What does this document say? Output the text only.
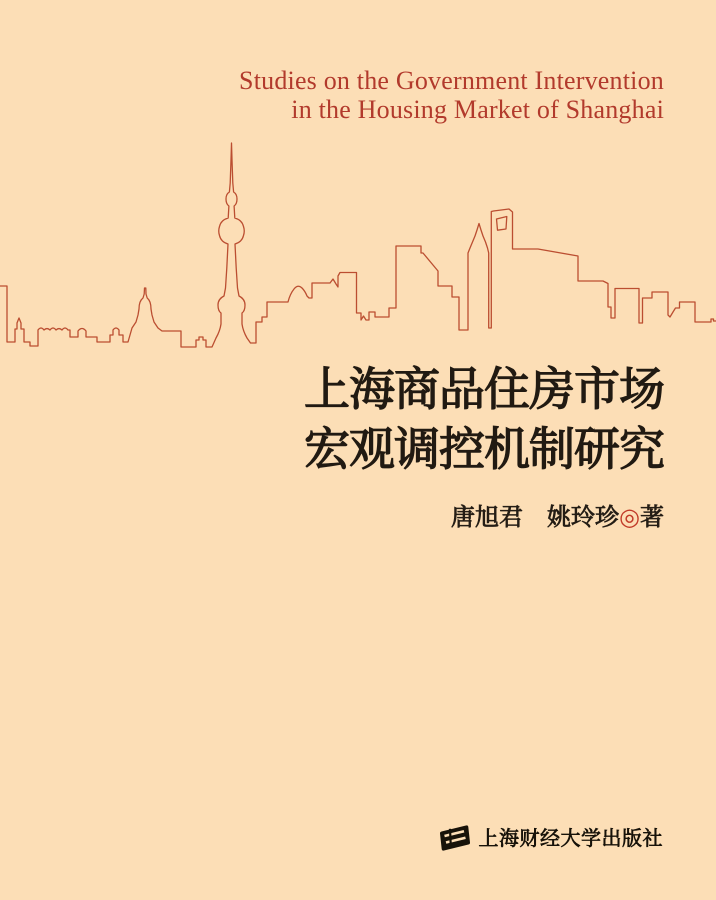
Studies on the Government Intervention
in the Housing Market of Shanghai
上海商品住房市场
宏观调控机制研究
唐旭君　姚玲珍◎著
上海财经大学出版社
